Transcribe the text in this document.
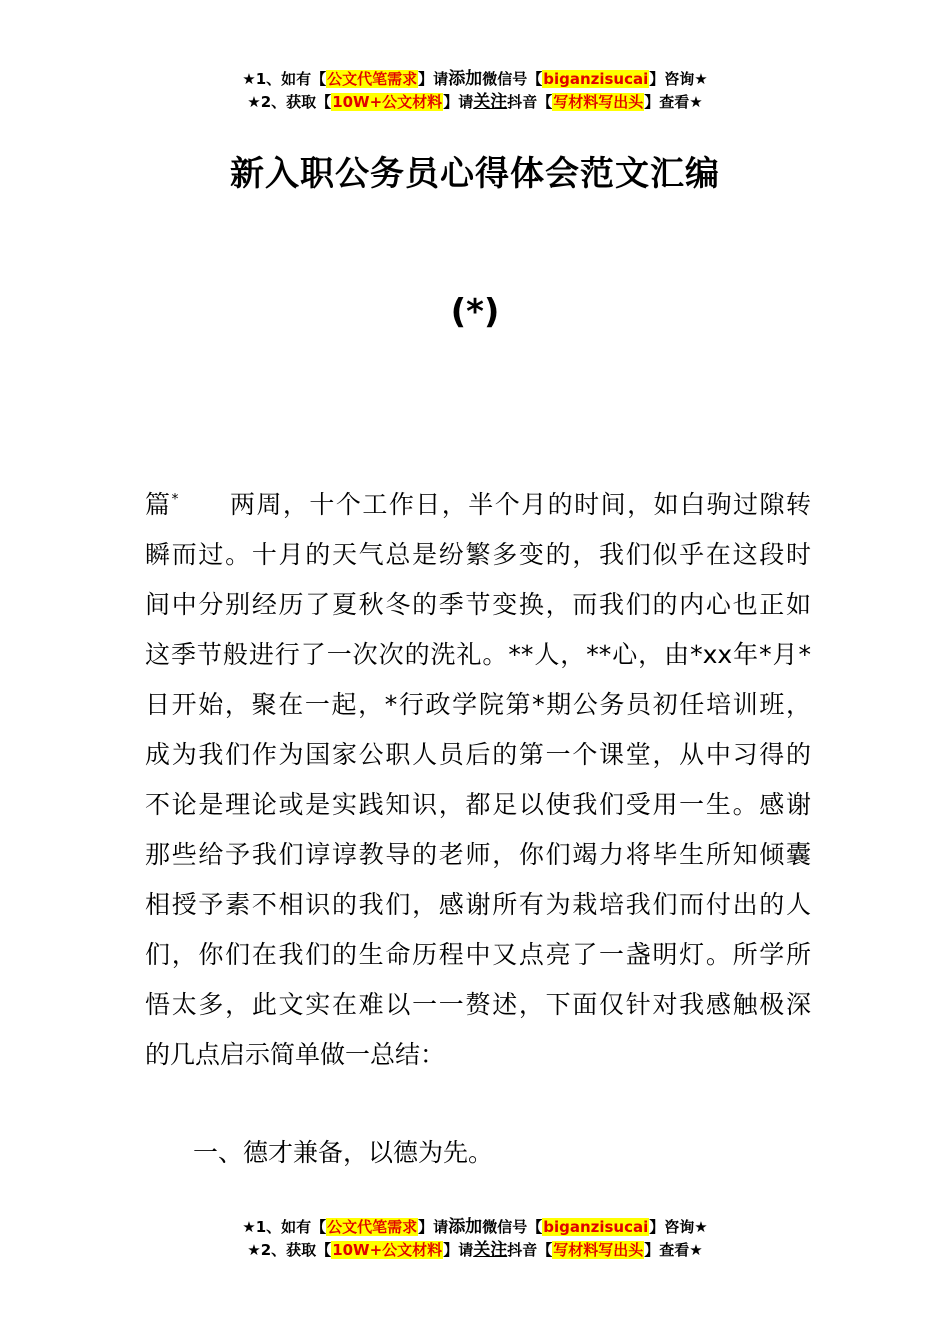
★1、如有【公文代笔需求】请添加微信号【biganzisucai】咨询★
★2、获取【10W+公文材料】请关注抖音【写材料写出头】查看★
新入职公务员心得体会范文汇编
(*)
篇* 两周，十个工作日，半个月的时间，如白驹过隙转
瞬而过。十月的天气总是纷繁多变的，我们似乎在这段时
间中分别经历了夏秋冬的季节变换，而我们的内心也正如
这季节般进行了一次次的洗礼。**人，**心，由*xx年*月*
日开始，聚在一起，*行政学院第*期公务员初任培训班，
成为我们作为国家公职人员后的第一个课堂，从中习得的
不论是理论或是实践知识，都足以使我们受用一生。感谢
那些给予我们谆谆教导的老师，你们竭力将毕生所知倾囊
相授予素不相识的我们，感谢所有为栽培我们而付出的人
们，你们在我们的生命历程中又点亮了一盏明灯。所学所
悟太多，此文实在难以一一赘述，下面仅针对我感触极深
的几点启示简单做一总结：

一、德才兼备，以德为先。

★1、如有【公文代笔需求】请添加微信号【biganzisucai】咨询★
★2、获取【10W+公文材料】请关注抖音【写材料写出头】查看★
